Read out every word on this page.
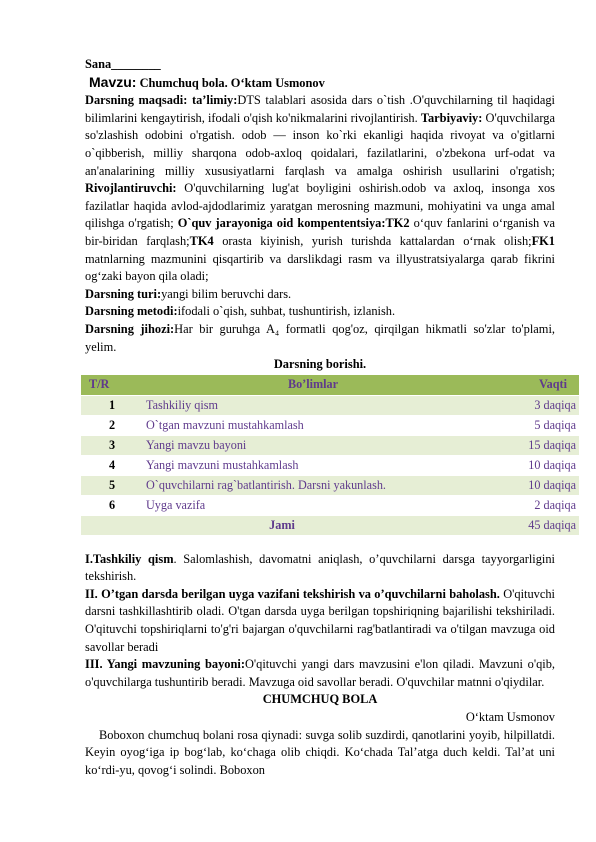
Sana________

Mavzu: Chumchuq bola. O‘ktam Usmonov

Darsning maqsadi: ta’limiy:DTS talablari asosida dars o`tish .O'quvchilarning til haqidagi bilimlarini kengaytirish, ifodali o'qish ko'nikmalarini rivojlantirish. Tarbiyaviy: O'quvchilarga so'zlashish odobini o'rgatish. odob — inson ko`rki ekanligi haqida rivoyat va o'gitlarni o`qibberish, milliy sharqona odob-axloq qoidalari, fazilatlarini, o'zbekona urf-odat va an'analarining milliy xususiyatlarni farqlash va amalga oshirish usullarini o'rgatish; Rivojlantiruvchi: O'quvchilarning lug'at boyligini oshirish.odob va axloq, insonga xos fazilatlar haqida avlod-ajdodlarimiz yaratgan merosning mazmuni, mohiyatini va unga amal qilishga o'rgatish; O`quv jarayoniga oid kompententsiya:TK2 o‘quv fanlarini o‘rganish va bir-biridan farqlash;TK4 orasta kiyinish, yurish turishda kattalardan o‘rnak olish;FK1 matnlarning mazmunini qisqartirib va darslikdagi rasm va illyustratsiyalarga qarab fikrini og‘zaki bayon qila oladi;

Darsning turi:yangi bilim beruvchi dars.

Darsning metodi:ifodali o`qish, suhbat, tushuntirish, izlanish.

Darsning jihozi:Har bir guruhga A₄ formatli qog'oz, qirqilgan hikmatli so'zlar to'plami, yelim.

Darsning borishi.

T/R	Bo’limlar	Vaqti
1	Tashkiliy qism	3 daqiqa
2	O`tgan mavzuni mustahkamlash	5 daqiqa
3	Yangi mavzu bayoni	15 daqiqa
4	Yangi mavzuni mustahkamlash	10 daqiqa
5	O`quvchilarni rag`batlantirish. Darsni yakunlash.	10 daqiqa
6	Uyga vazifa	2 daqiqa
Jami		45 daqiqa

I.Tashkiliy qism. Salomlashish, davomatni aniqlash, o’quvchilarni darsga tayyorgarligini tekshirish.

II. O’tgan darsda berilgan uyga vazifani tekshirish va o’quvchilarni baholash. O'qituvchi darsni tashkillashtirib oladi. O'tgan darsda uyga berilgan topshiriqning bajarilishi tekshiriladi. O'qituvchi topshiriqlarni to'g'ri bajargan o'quvchilarni rag'batlantiradi va o'tilgan mavzuga oid savollar beradi

III. Yangi mavzuning bayoni:O'qituvchi yangi dars mavzusini e'lon qiladi. Mavzuni o'qib, o'quvchilarga tushuntirib beradi. Mavzuga oid savollar beradi. O'quvchilar matnni o'qiydilar.

CHUMCHUQ BOLA

O‘ktam Usmonov

Boboxon chumchuq bolani rosa qiynadi: suvga solib suzdirdi, qanotlarini yoyib, hilpillatdi. Keyin oyog‘iga ip bog‘lab, ko‘chaga olib chiqdi. Ko‘chada Tal’atga duch keldi. Tal’at uni ko‘rdi-yu, qovog‘i solindi. Boboxon
